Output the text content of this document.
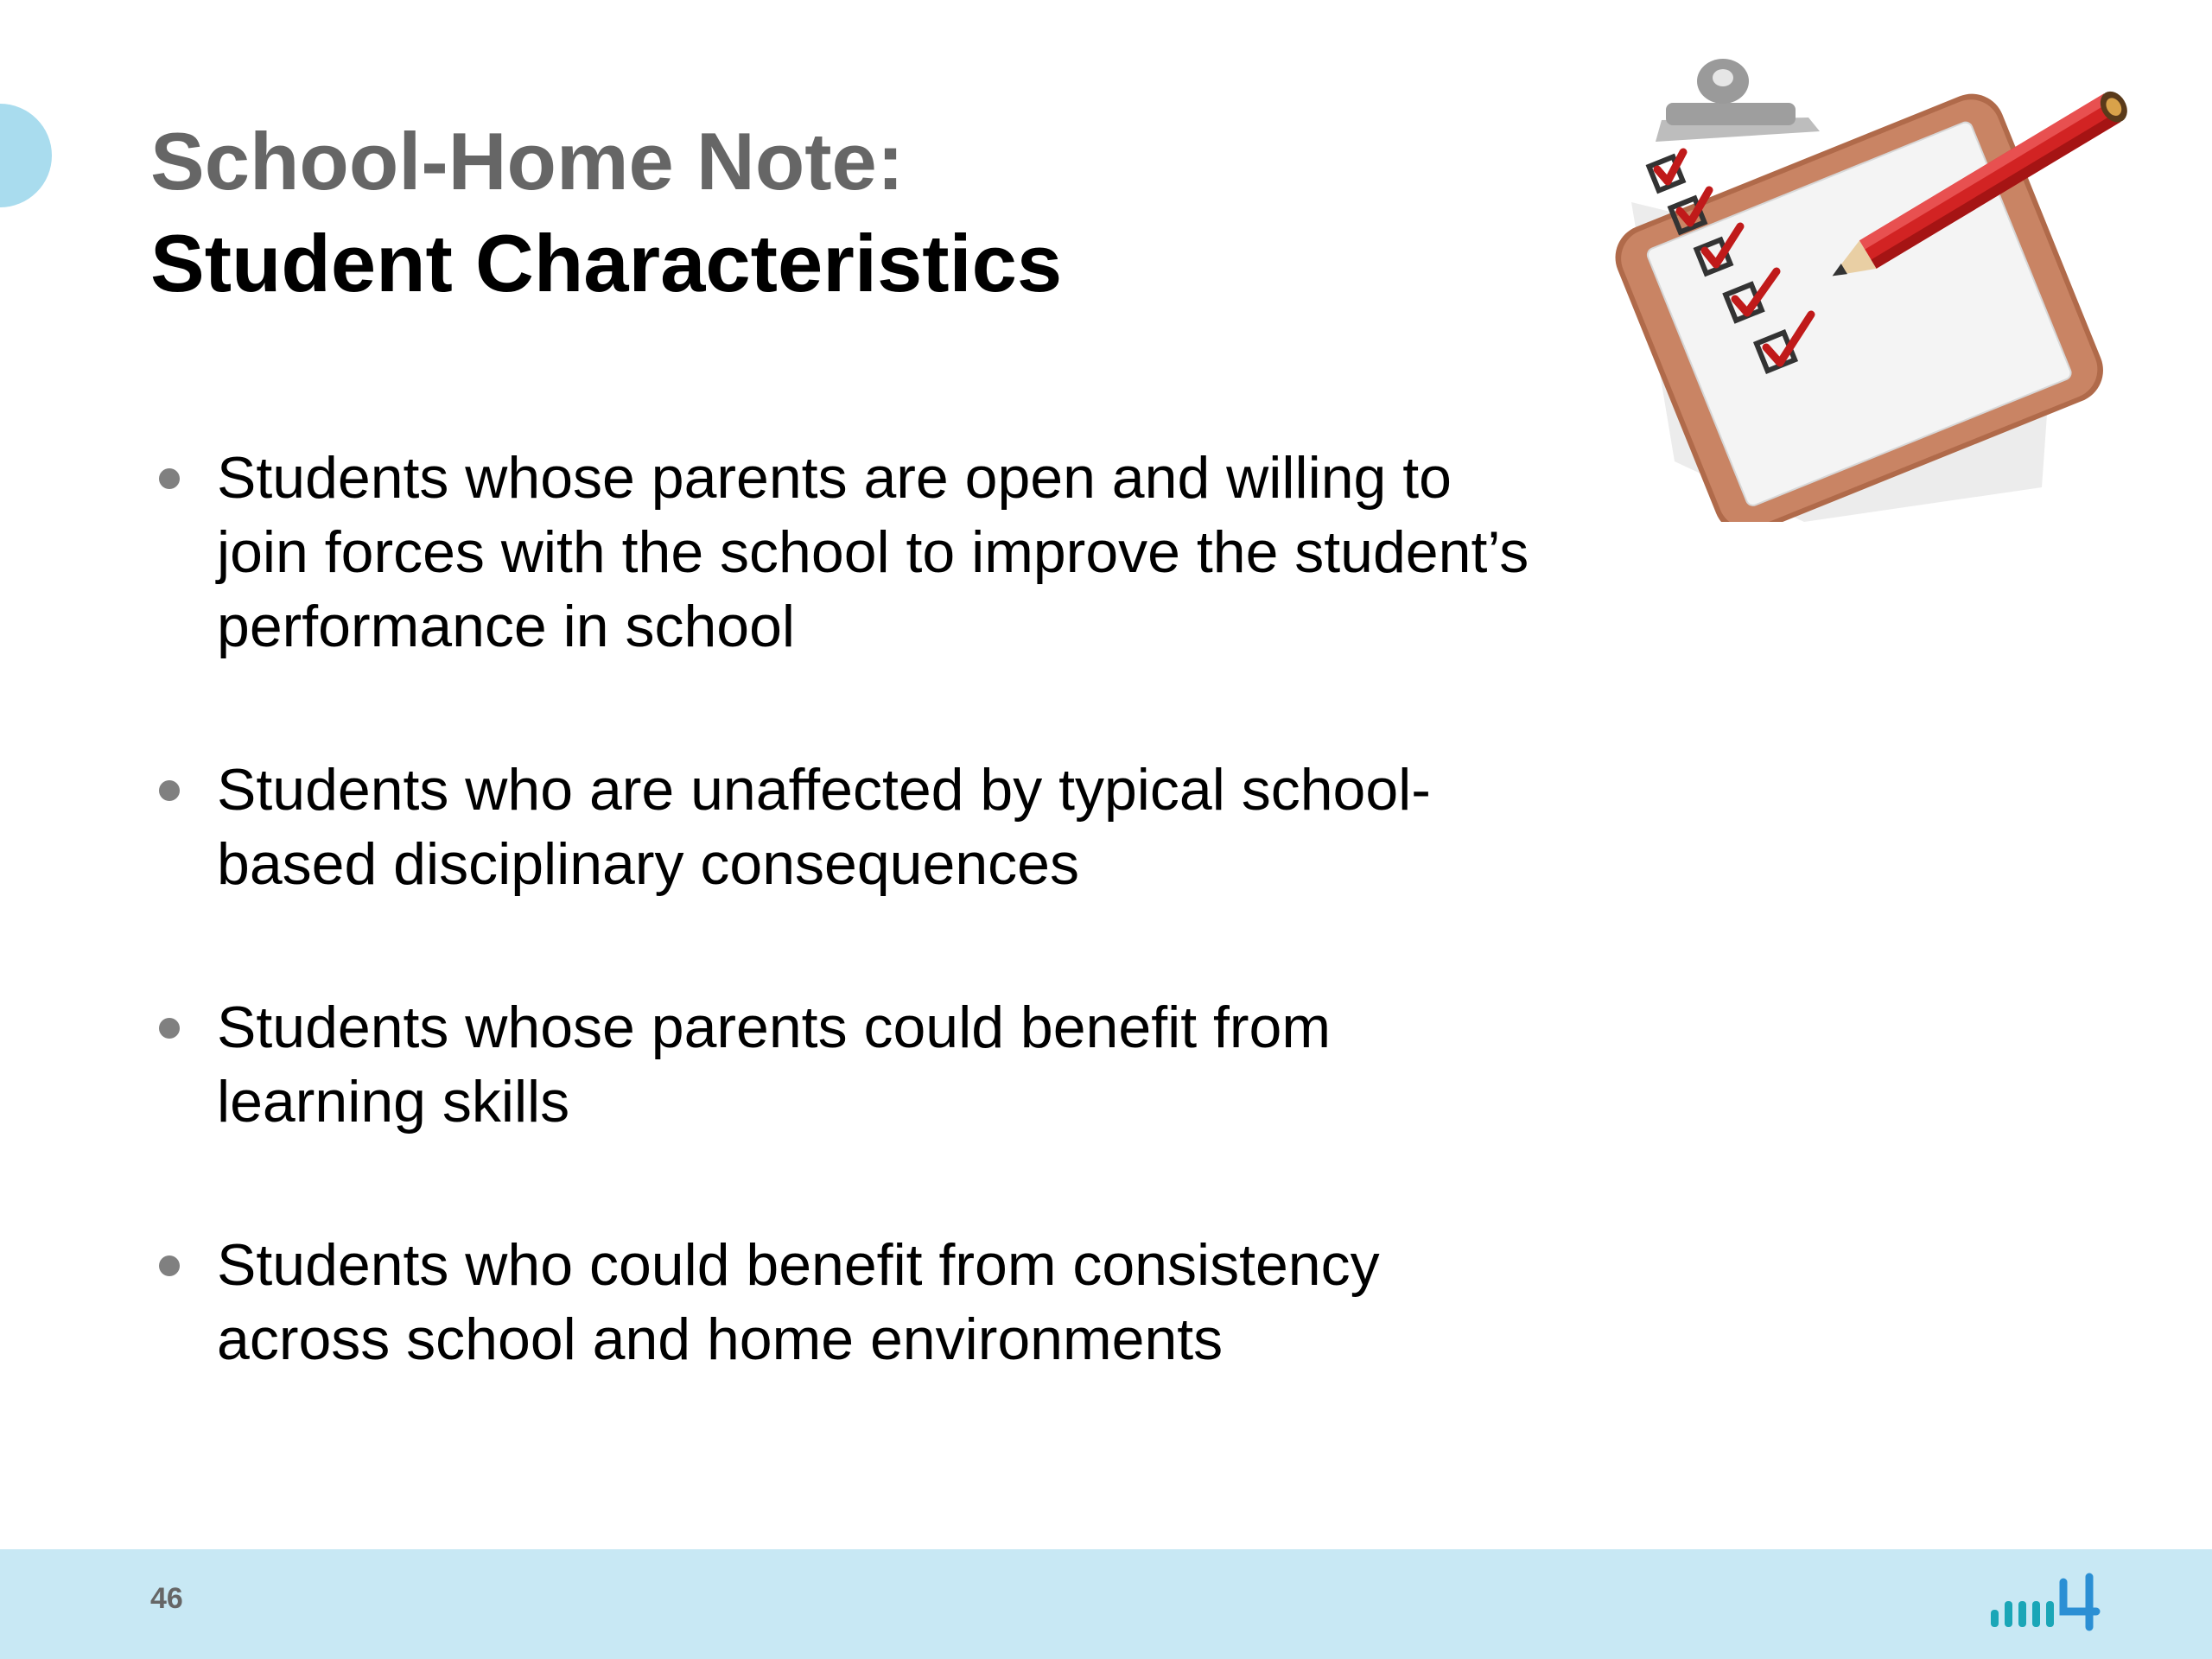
School-Home Note:
Student Characteristics
Students whose parents are open and willing to
join forces with the school to improve the student’s
performance in school
Students who are unaffected by typical school-
based disciplinary consequences
Students whose parents could benefit from
learning skills
Students who could benefit from consistency
across school and home environments
46
